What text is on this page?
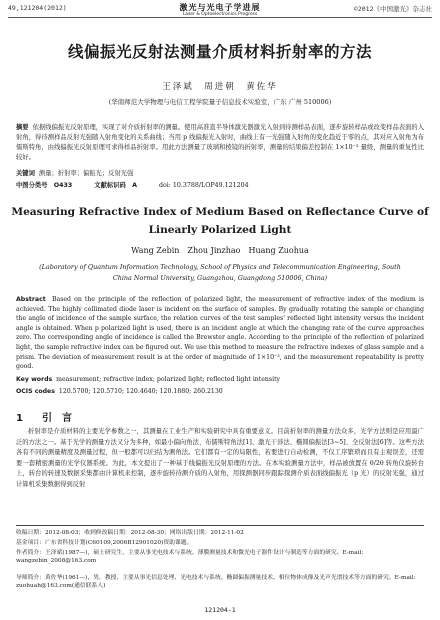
49,121204(2012)	激光与光电子学进展
Laser & Optoelectronics Progress
©2012《中国激光》杂志社
线偏振光反射法测量介质材料折射率的方法
王泽斌　周进朝　黄佐华
(华南师范大学物理与电信工程学院量子信息技术实验室，广东 广州 510006)

摘要 依据线偏振光反射原理，实现了对介质折射率的测量。使用高准直半导体激光器激光入射到待测样品表面，逐步旋转样品或改变样品表面的入射角，得待测样品反射光强随入射角变化的关系曲线；当用 p 线偏振光入射时，曲线上有一光强随入射角的变化趋近于零的点，其对应入射角为布儒斯特角，由线偏振光反射原理可求得样品折射率。用此方法测量了玻璃和棱镜的折射率，测量的结果偏差控制在 1×10⁻³ 量级，测量的重复性比较好。

关键词 测量；折射率；偏振光；反射光强
中图分类号　O433	文献标识码　A	doi: 10.3788/LOP49.121204
Measuring Refractive Index of Medium Based on Reflectance Curve of Linearly Polarized Light
Wang Zebin　Zhou Jinzhao　Huang Zuohua
(Laboratory of Quantum Information Technology, School of Physics and Telecommunication Engineering, South China Normal University, Guangzhou, Guangdong 510006, China)

Abstract Based on the principle of the reflection of polarized light, the measurement of refractive index of the medium is achieved. The highly collimated diode laser is incident on the surface of samples. By gradually rotating the sample or changing the angle of incidence of the sample surface, the relation curves of the test samples' reflected light intensity versus the incident angle is obtained. When p polarized light is used, there is an incident angle at which the changing rate of the curve approaches zero. The corresponding angle of incidence is called the Brewster angle. According to the principle of the reflection of polarized light, the sample refractive index can be figured out. We use this method to measure the refractive indexes of glass sample and a prism. The deviation of measurement result is at the order of magnitude of 1×10⁻³, and the measurement repeatability is pretty good.

Key words measurement; refractive index; polarized light; reflected light intensity
OCIS codes 120.5700; 120.5710; 120.4640; 120.1880; 260.2130
1 引言

折射率是介质材料的主要光学参数之一，其测量在工业生产和实验研究中具有重要意义。目前折射率的测量方法众多，光学方法则是应用最广泛的方法之一。基于光学的测量方法又分为多种，如最小偏向角法、布儒斯特角法[1]、激光干涉法、椭圆偏振法[3~5]、全反射法[6]等。这些方法各有不同的测量精度及测量过程，但一般都可以归结为测角法。它们都有一定的局限性，若要进行自动检测，不仅工序繁琐而且有主观误差，还需要一套精密测量的光学仪器系统。为此，本文提出了一种基于线偏振光反射原理的方法。在本实验测量方法中，样品被放置在 θ/2θ 转角仪旋转台上，转台的转速及数据采集都由计算机来控制，逐步旋转待测介质的入射角，用探测器同步跟踪探测介质表面线偏振光（p 光）的反射光强，通过计算机采集数据得到反射

收稿日期：2012-08-03；收到修改稿日期：2012-08-30；网络出版日期：2012-11-02
基金项目：广东省科技计划(C60109,2006B12901020)资助课题。
作者简介：王泽斌(1987—)，硕士研究生，主要从事光电技术与系统、薄膜测量技术和微光电子器件设计与制造等方面的研究。E-mail: wangzebin_2008@163.com
导师简介：黄佐华(1961—)，男，教授，主要从事光信息处理、光电技术与系统、椭圆偏振测量技术、相位物体成像及光声光谱技术等方面的研究。E-mail: zuohuah@163.com(通信联系人)
121204-1
